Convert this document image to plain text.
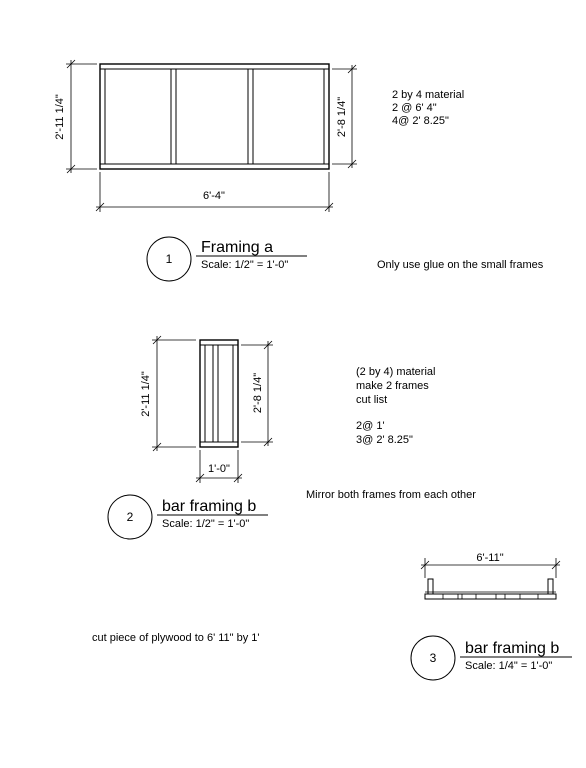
6'-4"
2'-11 1/4"	2'-8 1/4"
2 by 4 material
2 @ 6' 4"
4@ 2' 8.25"
1
Framing a
Scale: 1/2" = 1'-0"	Only use glue on the small frames
2'-11 1/4"	2'-8 1/4"
1'-0"
(2 by 4) material
make 2 frames
cut list
2@ 1'
3@ 2' 8.25"
Mirror both frames from each other
2
bar framing b
Scale: 1/2" = 1'-0"
6'-11"
cut piece of plywood to 6' 11" by 1'
3
bar framing b
Scale: 1/4" = 1'-0"
